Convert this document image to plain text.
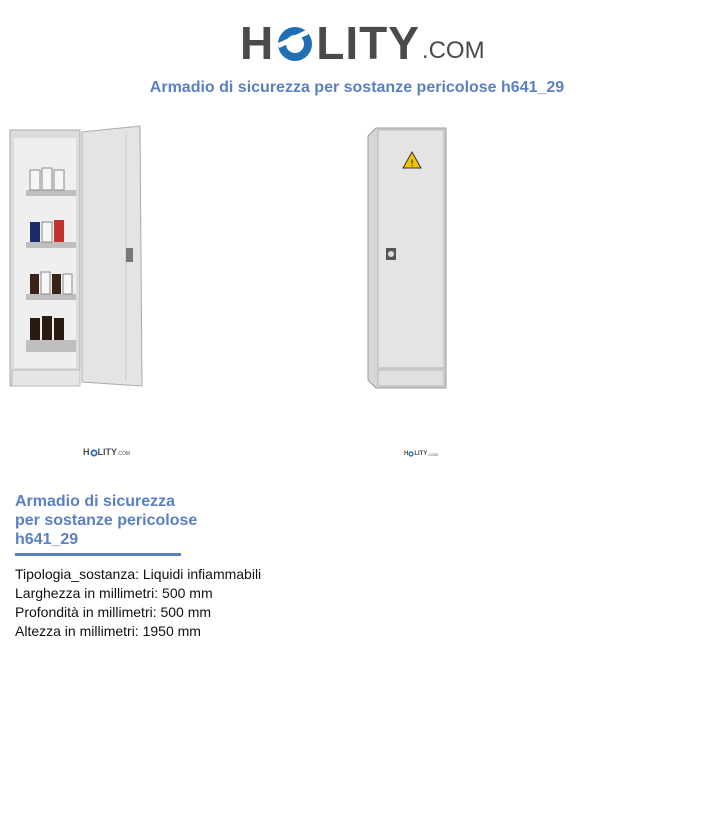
H LITY .COM
Armadio di sicurezza per sostanze pericolose h641_29
!
H LITY .COM	H LITY .COM
Armadio di sicurezza
per sostanze pericolose
h641_29
Tipologia_sostanza: Liquidi infiammabili
Larghezza in millimetri: 500 mm
Profondità in millimetri: 500 mm
Altezza in millimetri: 1950 mm
